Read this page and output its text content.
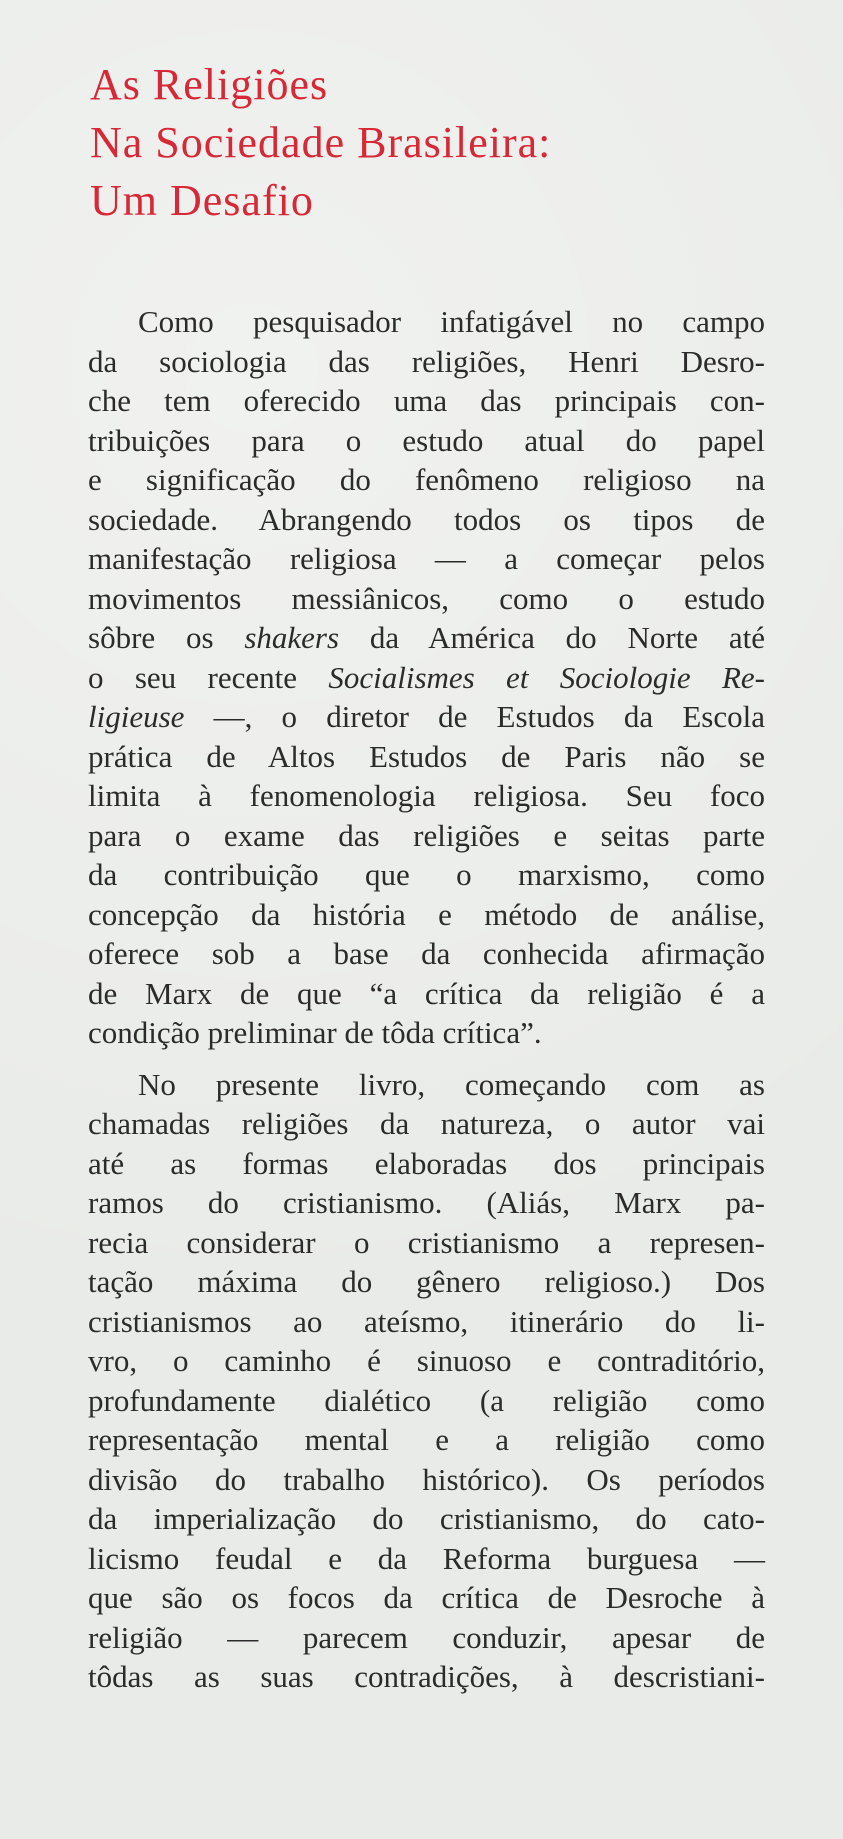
As Religiões
Na Sociedade Brasileira:
Um Desafio
Como pesquisador infatigável no campo
da sociologia das religiões, Henri Desro-
che tem oferecido uma das principais con-
tribuições para o estudo atual do papel
e significação do fenômeno religioso na
sociedade. Abrangendo todos os tipos de
manifestação religiosa — a começar pelos
movimentos messiânicos, como o estudo
sôbre os shakers da América do Norte até
o seu recente Socialismes et Sociologie Re-
ligieuse —, o diretor de Estudos da Escola
prática de Altos Estudos de Paris não se
limita à fenomenologia religiosa. Seu foco
para o exame das religiões e seitas parte
da contribuição que o marxismo, como
concepção da história e método de análise,
oferece sob a base da conhecida afirmação
de Marx de que “a crítica da religião é a
condição preliminar de tôda crítica”.
No presente livro, começando com as
chamadas religiões da natureza, o autor vai
até as formas elaboradas dos principais
ramos do cristianismo. (Aliás, Marx pa-
recia considerar o cristianismo a represen-
tação máxima do gênero religioso.) Dos
cristianismos ao ateísmo, itinerário do li-
vro, o caminho é sinuoso e contraditório,
profundamente dialético (a religião como
representação mental e a religião como
divisão do trabalho histórico). Os períodos
da imperialização do cristianismo, do cato-
licismo feudal e da Reforma burguesa —
que são os focos da crítica de Desroche à
religião — parecem conduzir, apesar de
tôdas as suas contradições, à descristiani-
